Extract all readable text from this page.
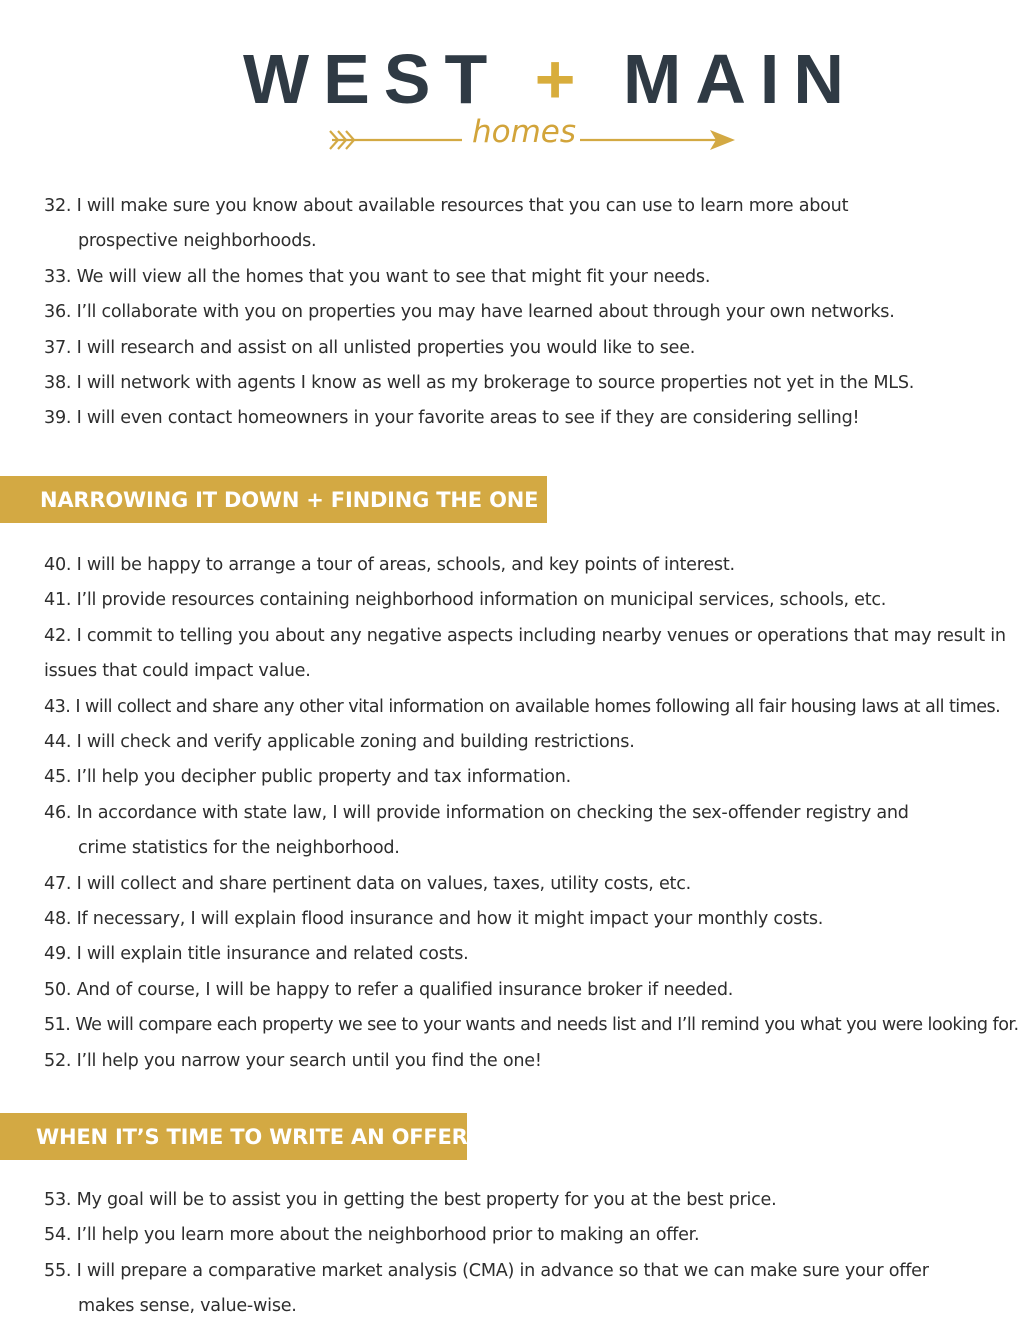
WEST + MAIN
homes
32. I will make sure you know about available resources that you can use to learn more about
prospective neighborhoods.
33. We will view all the homes that you want to see that might fit your needs.
36. I’ll collaborate with you on properties you may have learned about through your own networks.
37. I will research and assist on all unlisted properties you would like to see.
38. I will network with agents I know as well as my brokerage to source properties not yet in the MLS.
39. I will even contact homeowners in your favorite areas to see if they are considering selling!
NARROWING IT DOWN + FINDING THE ONE
40. I will be happy to arrange a tour of areas, schools, and key points of interest.
41. I’ll provide resources containing neighborhood information on municipal services, schools, etc.
42. I commit to telling you about any negative aspects including nearby venues or operations that may result in
issues that could impact value.
43. I will collect and share any other vital information on available homes following all fair housing laws at all times.
44. I will check and verify applicable zoning and building restrictions.
45. I’ll help you decipher public property and tax information.
46. In accordance with state law, I will provide information on checking the sex-offender registry and
crime statistics for the neighborhood.
47. I will collect and share pertinent data on values, taxes, utility costs, etc.
48. If necessary, I will explain flood insurance and how it might impact your monthly costs.
49. I will explain title insurance and related costs.
50. And of course, I will be happy to refer a qualified insurance broker if needed.
51. We will compare each property we see to your wants and needs list and I’ll remind you what you were looking for.
52. I’ll help you narrow your search until you find the one!
WHEN IT’S TIME TO WRITE AN OFFER
53. My goal will be to assist you in getting the best property for you at the best price.
54. I’ll help you learn more about the neighborhood prior to making an offer.
55. I will prepare a comparative market analysis (CMA) in advance so that we can make sure your offer
makes sense, value-wise.
